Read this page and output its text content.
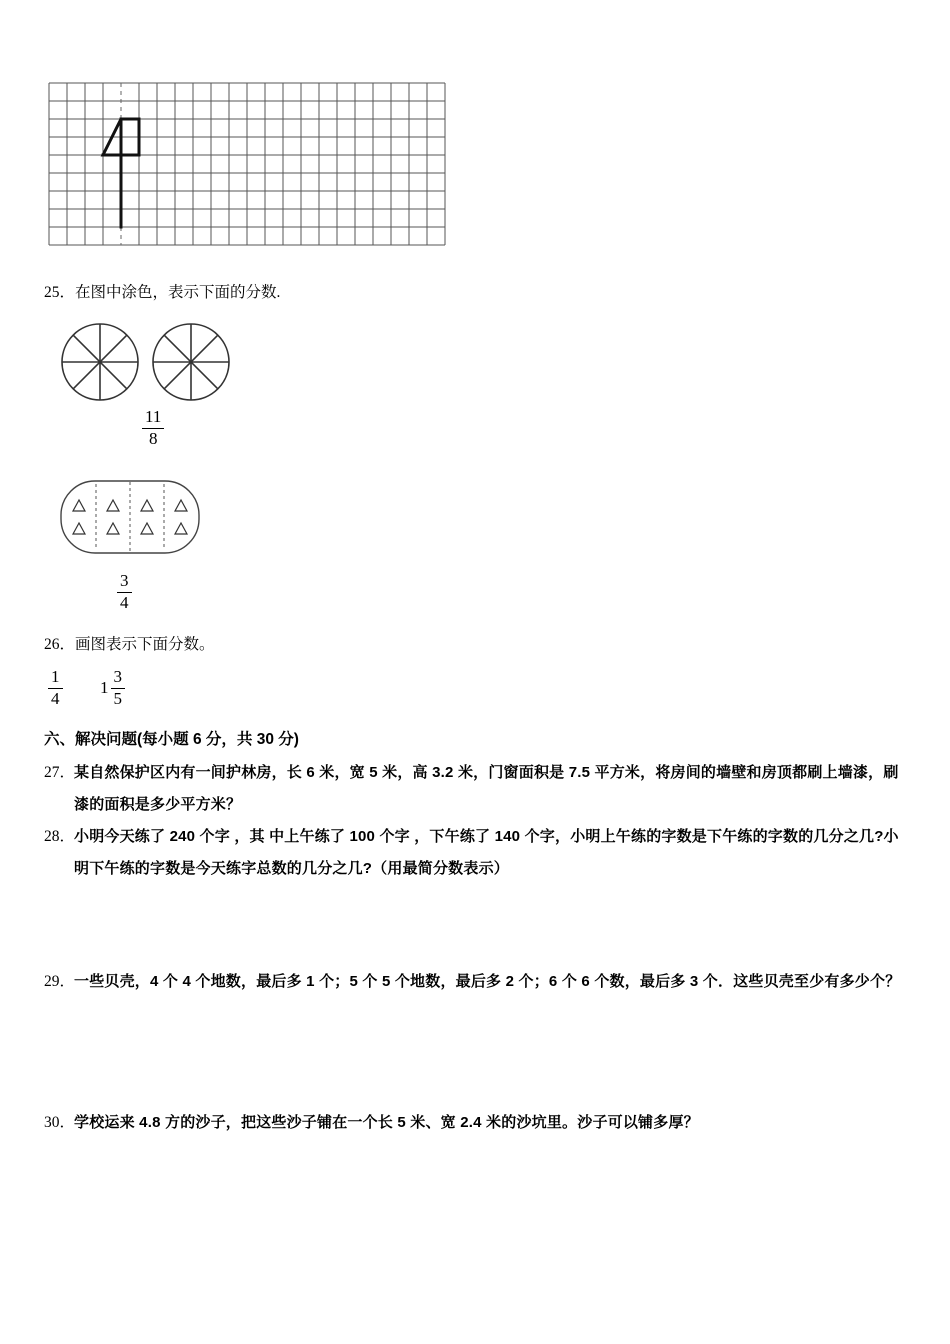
25．在图中涂色，表示下面的分数.
$\frac{11}{8}$
$\frac{3}{4}$
26．画图表示下面分数。
$\frac{1}{4} 1 \frac{3}{5}$
六、解决问题(每小题 6 分，共 30 分)
27．
某自然保护区内有一间护林房，长 6 米，宽 5 米，高 3.2 米，门窗面积是 7.5 平方米，将房间的墙壁和房顶都刷上墙漆，刷漆的面积是多少平方米？
28．
小明今天练了 240 个字 ，其 中上午练了 100 个字 ，下午练了 140 个字，小明上午练的字数是下午练的字数的几分之几?小明下午练的字数是今天练字总数的几分之几?（用最简分数表示）
29．
一些贝壳，4 个 4 个地数，最后多 1 个；5 个 5 个地数，最后多 2 个；6 个 6 个数，最后多 3 个．这些贝壳至少有多少个？
30．
学校运来 4.8 方的沙子，把这些沙子铺在一个长 5 米、宽 2.4 米的沙坑里。沙子可以铺多厚？
